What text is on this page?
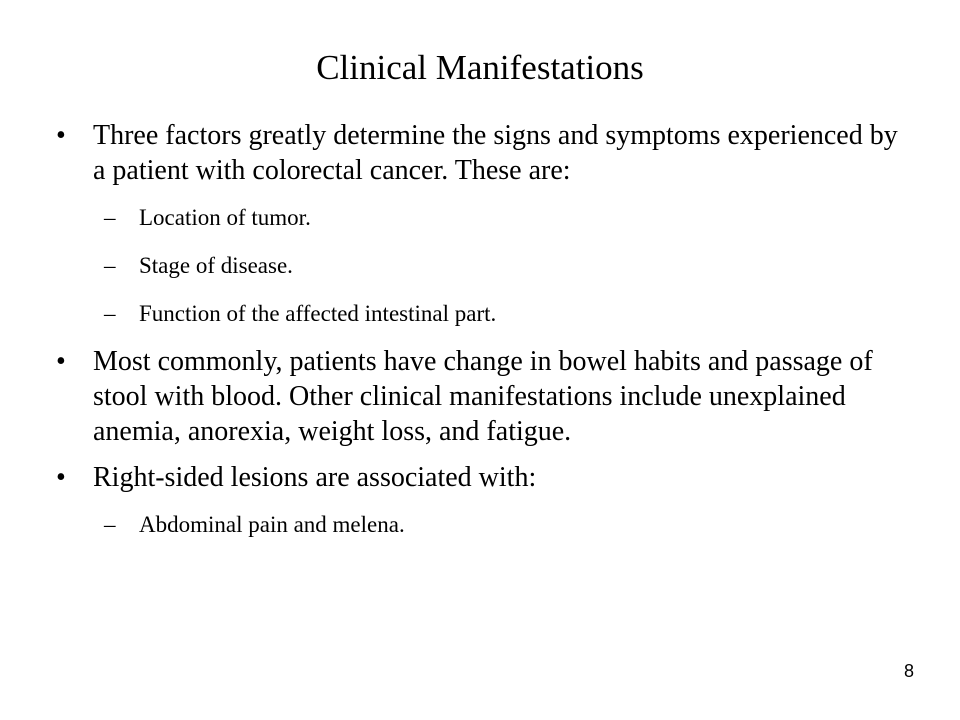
Clinical Manifestations
• Three factors greatly determine the signs and symptoms experienced by a patient with colorectal cancer. These are:
– Location of tumor.
– Stage of disease.
– Function of the affected intestinal part.
• Most commonly, patients have change in bowel habits and passage of stool with blood. Other clinical manifestations include unexplained anemia, anorexia, weight loss, and fatigue.
• Right-sided lesions are associated with:
– Abdominal pain and melena.
8
